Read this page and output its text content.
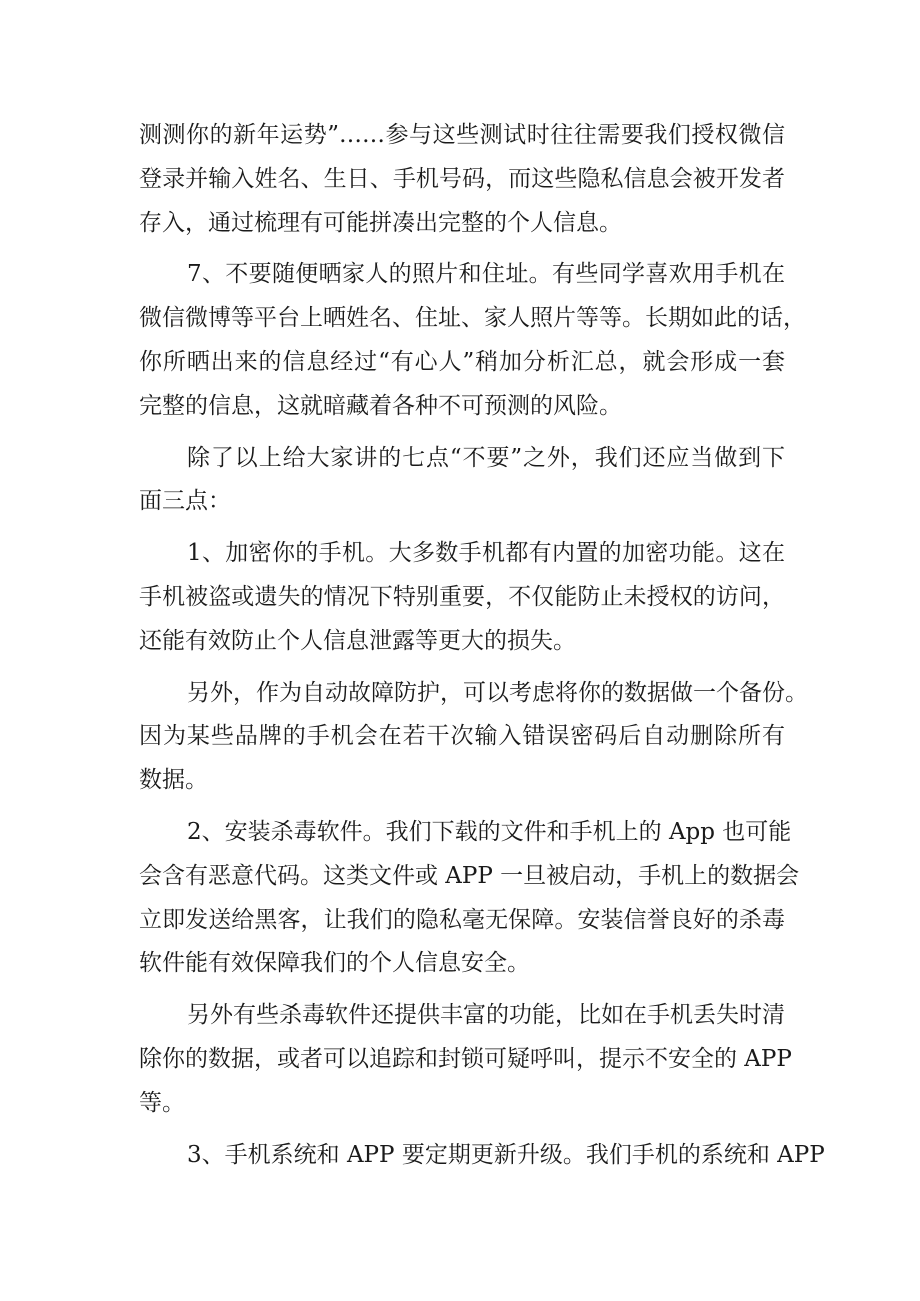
测测你的新年运势”……参与这些测试时往往需要我们授权微信
登录并输入姓名、生日、手机号码，而这些隐私信息会被开发者
存入，通过梳理有可能拼凑出完整的个人信息。
7、不要随便晒家人的照片和住址。有些同学喜欢用手机在
微信微博等平台上晒姓名、住址、家人照片等等。长期如此的话，
你所晒出来的信息经过“有心人”稍加分析汇总，就会形成一套
完整的信息，这就暗藏着各种不可预测的风险。
除了以上给大家讲的七点“不要”之外，我们还应当做到下
面三点：
1、加密你的手机。大多数手机都有内置的加密功能。这在
手机被盗或遗失的情况下特别重要，不仅能防止未授权的访问，
还能有效防止个人信息泄露等更大的损失。
另外，作为自动故障防护，可以考虑将你的数据做一个备份。
因为某些品牌的手机会在若干次输入错误密码后自动删除所有
数据。
2、安装杀毒软件。我们下载的文件和手机上的 App 也可能
会含有恶意代码。这类文件或 APP 一旦被启动，手机上的数据会
立即发送给黑客，让我们的隐私毫无保障。安装信誉良好的杀毒
软件能有效保障我们的个人信息安全。
另外有些杀毒软件还提供丰富的功能，比如在手机丢失时清
除你的数据，或者可以追踪和封锁可疑呼叫，提示不安全的 APP
等。
3、手机系统和 APP 要定期更新升级。我们手机的系统和 APP
